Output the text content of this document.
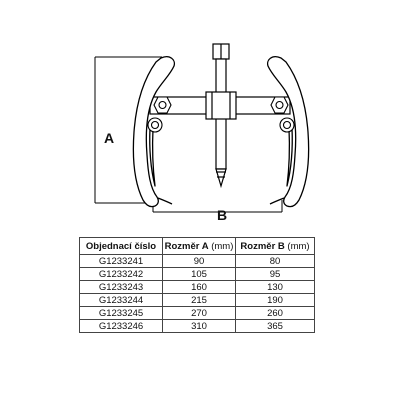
A
B
Objednací číslo	Rozměr A (mm)	Rozměr B (mm)
G1233241	90	80
G1233242	105	95
G1233243	160	130
G1233244	215	190
G1233245	270	260
G1233246	310	365
